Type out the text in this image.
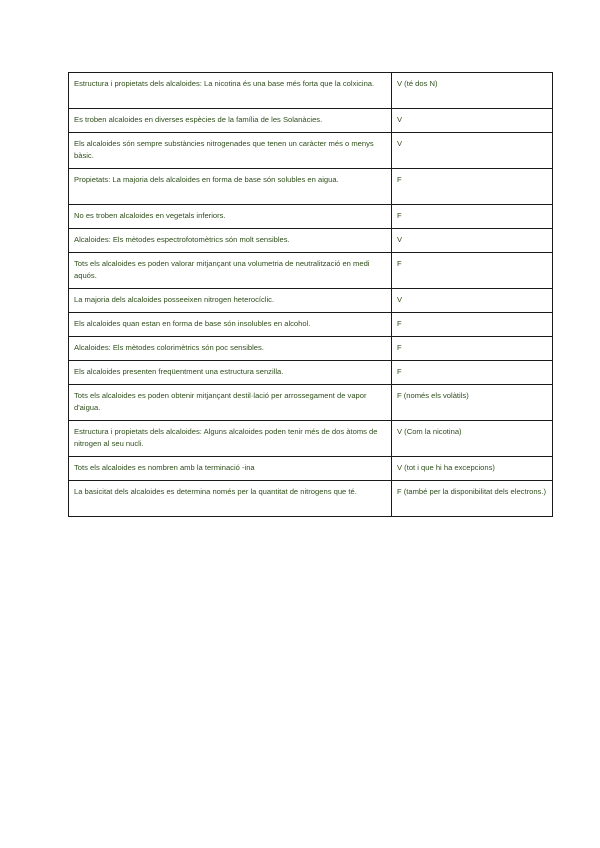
Estructura i propietats dels alcaloides: La nicotina és una base més forta que la colxicina.	V (té dos N)
Es troben alcaloides en diverses espècies de la família de les Solanàcies.	V
Els alcaloides són sempre substàncies nitrogenades que tenen un caràcter més o menys bàsic.	V
Propietats: La majoria dels alcaloides en forma de base són solubles en aigua.	F
No es troben alcaloides en vegetals inferiors.	F
Alcaloides: Els mètodes espectrofotomètrics són molt sensibles.	V
Tots els alcaloides es poden valorar mitjançant una volumetria de neutralització en medi aquós.	F
La majoria dels alcaloides posseeixen nitrogen heterocíclic.	V
Els alcaloides quan estan en forma de base són insolubles en alcohol.	F
Alcaloides: Els mètodes colorimètrics són poc sensibles.	F
Els alcaloides presenten freqüentment una estructura senzilla.	F
Tots els alcaloides es poden obtenir mitjançant destil·lació per arrossegament de vapor d'aigua.	F (només els volàtils)
Estructura i propietats dels alcaloides: Alguns alcaloides poden tenir més de dos àtoms de nitrogen al seu nucli.	V (Com la nicotina)
Tots els alcaloides es nombren amb la terminació -ina	V (tot i que hi ha excepcions)
La basicitat dels alcaloides es determina només per la quantitat de nitrogens que té.	F (també per la disponibilitat dels electrons.)
